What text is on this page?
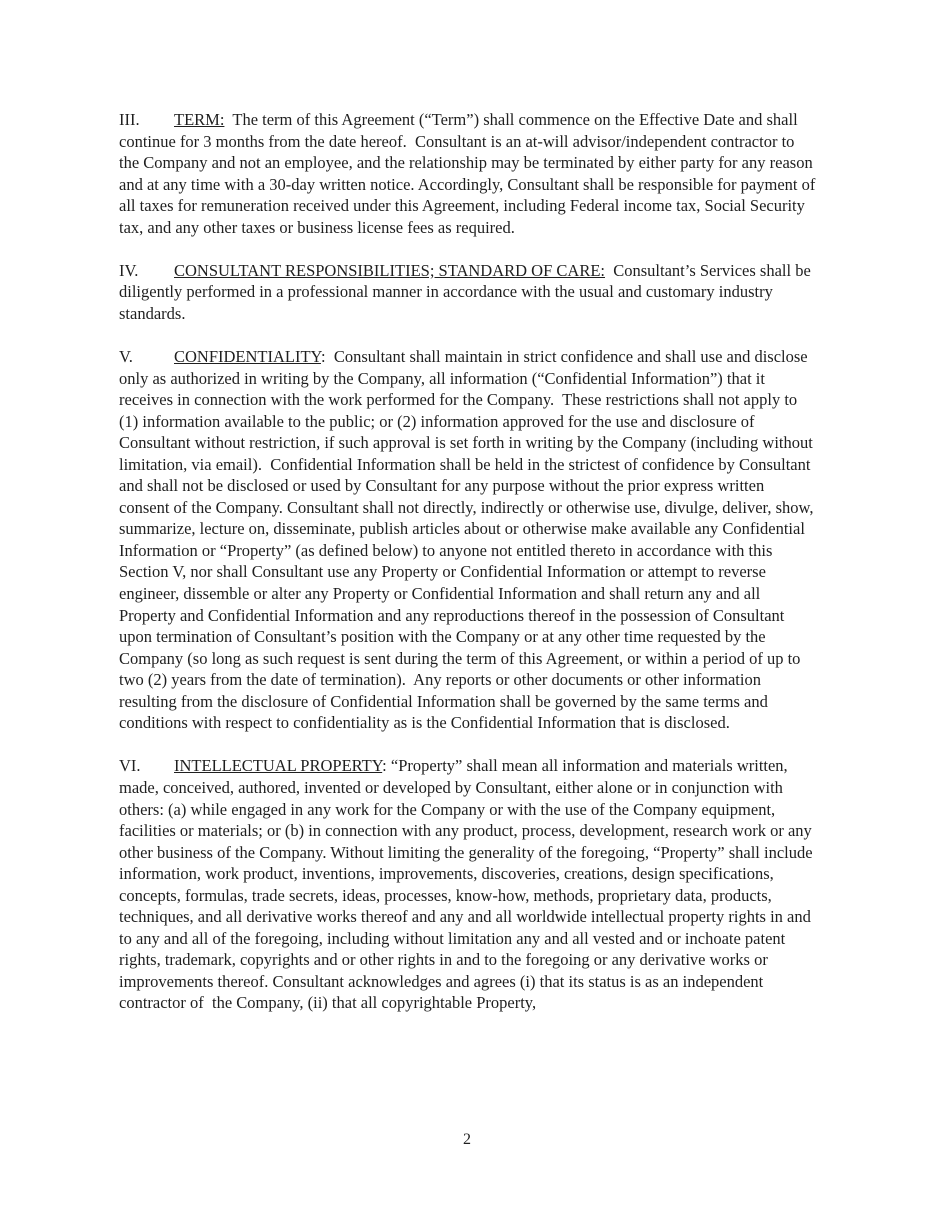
III. TERM:  The term of this Agreement (“Term”) shall commence on the Effective Date and shall continue for 3 months from the date hereof.  Consultant is an at-will advisor/independent contractor to the Company and not an employee, and the relationship may be terminated by either party for any reason and at any time with a 30-day written notice. Accordingly, Consultant shall be responsible for payment of all taxes for remuneration received under this Agreement, including Federal income tax, Social Security tax, and any other taxes or business license fees as required.

IV. CONSULTANT RESPONSIBILITIES; STANDARD OF CARE:  Consultant’s Services shall be diligently performed in a professional manner in accordance with the usual and customary industry standards.

V. CONFIDENTIALITY:  Consultant shall maintain in strict confidence and shall use and disclose only as authorized in writing by the Company, all information (“Confidential Information”) that it receives in connection with the work performed for the Company.  These restrictions shall not apply to (1) information available to the public; or (2) information approved for the use and disclosure of Consultant without restriction, if such approval is set forth in writing by the Company (including without limitation, via email).  Confidential Information shall be held in the strictest of confidence by Consultant and shall not be disclosed or used by Consultant for any purpose without the prior express written consent of the Company. Consultant shall not directly, indirectly or otherwise use, divulge, deliver, show, summarize, lecture on, disseminate, publish articles about or otherwise make available any Confidential Information or “Property” (as defined below) to anyone not entitled thereto in accordance with this Section V, nor shall Consultant use any Property or Confidential Information or attempt to reverse engineer, dissemble or alter any Property or Confidential Information and shall return any and all Property and Confidential Information and any reproductions thereof in the possession of Consultant upon termination of Consultant’s position with the Company or at any other time requested by the Company (so long as such request is sent during the term of this Agreement, or within a period of up to two (2) years from the date of termination).  Any reports or other documents or other information resulting from the disclosure of Confidential Information shall be governed by the same terms and conditions with respect to confidentiality as is the Confidential Information that is disclosed.

VI. INTELLECTUAL PROPERTY: “Property” shall mean all information and materials written, made, conceived, authored, invented or developed by Consultant, either alone or in conjunction with others: (a) while engaged in any work for the Company or with the use of the Company equipment, facilities or materials; or (b) in connection with any product, process, development, research work or any other business of the Company. Without limiting the generality of the foregoing, “Property” shall include information, work product, inventions, improvements, discoveries, creations, design specifications, concepts, formulas, trade secrets, ideas, processes, know-how, methods, proprietary data, products, techniques, and all derivative works thereof and any and all worldwide intellectual property rights in and to any and all of the foregoing, including without limitation any and all vested and or inchoate patent rights, trademark, copyrights and or other rights in and to the foregoing or any derivative works or improvements thereof. Consultant acknowledges and agrees (i) that its status is as an independent contractor of  the Company, (ii) that all copyrightable Property,

2
